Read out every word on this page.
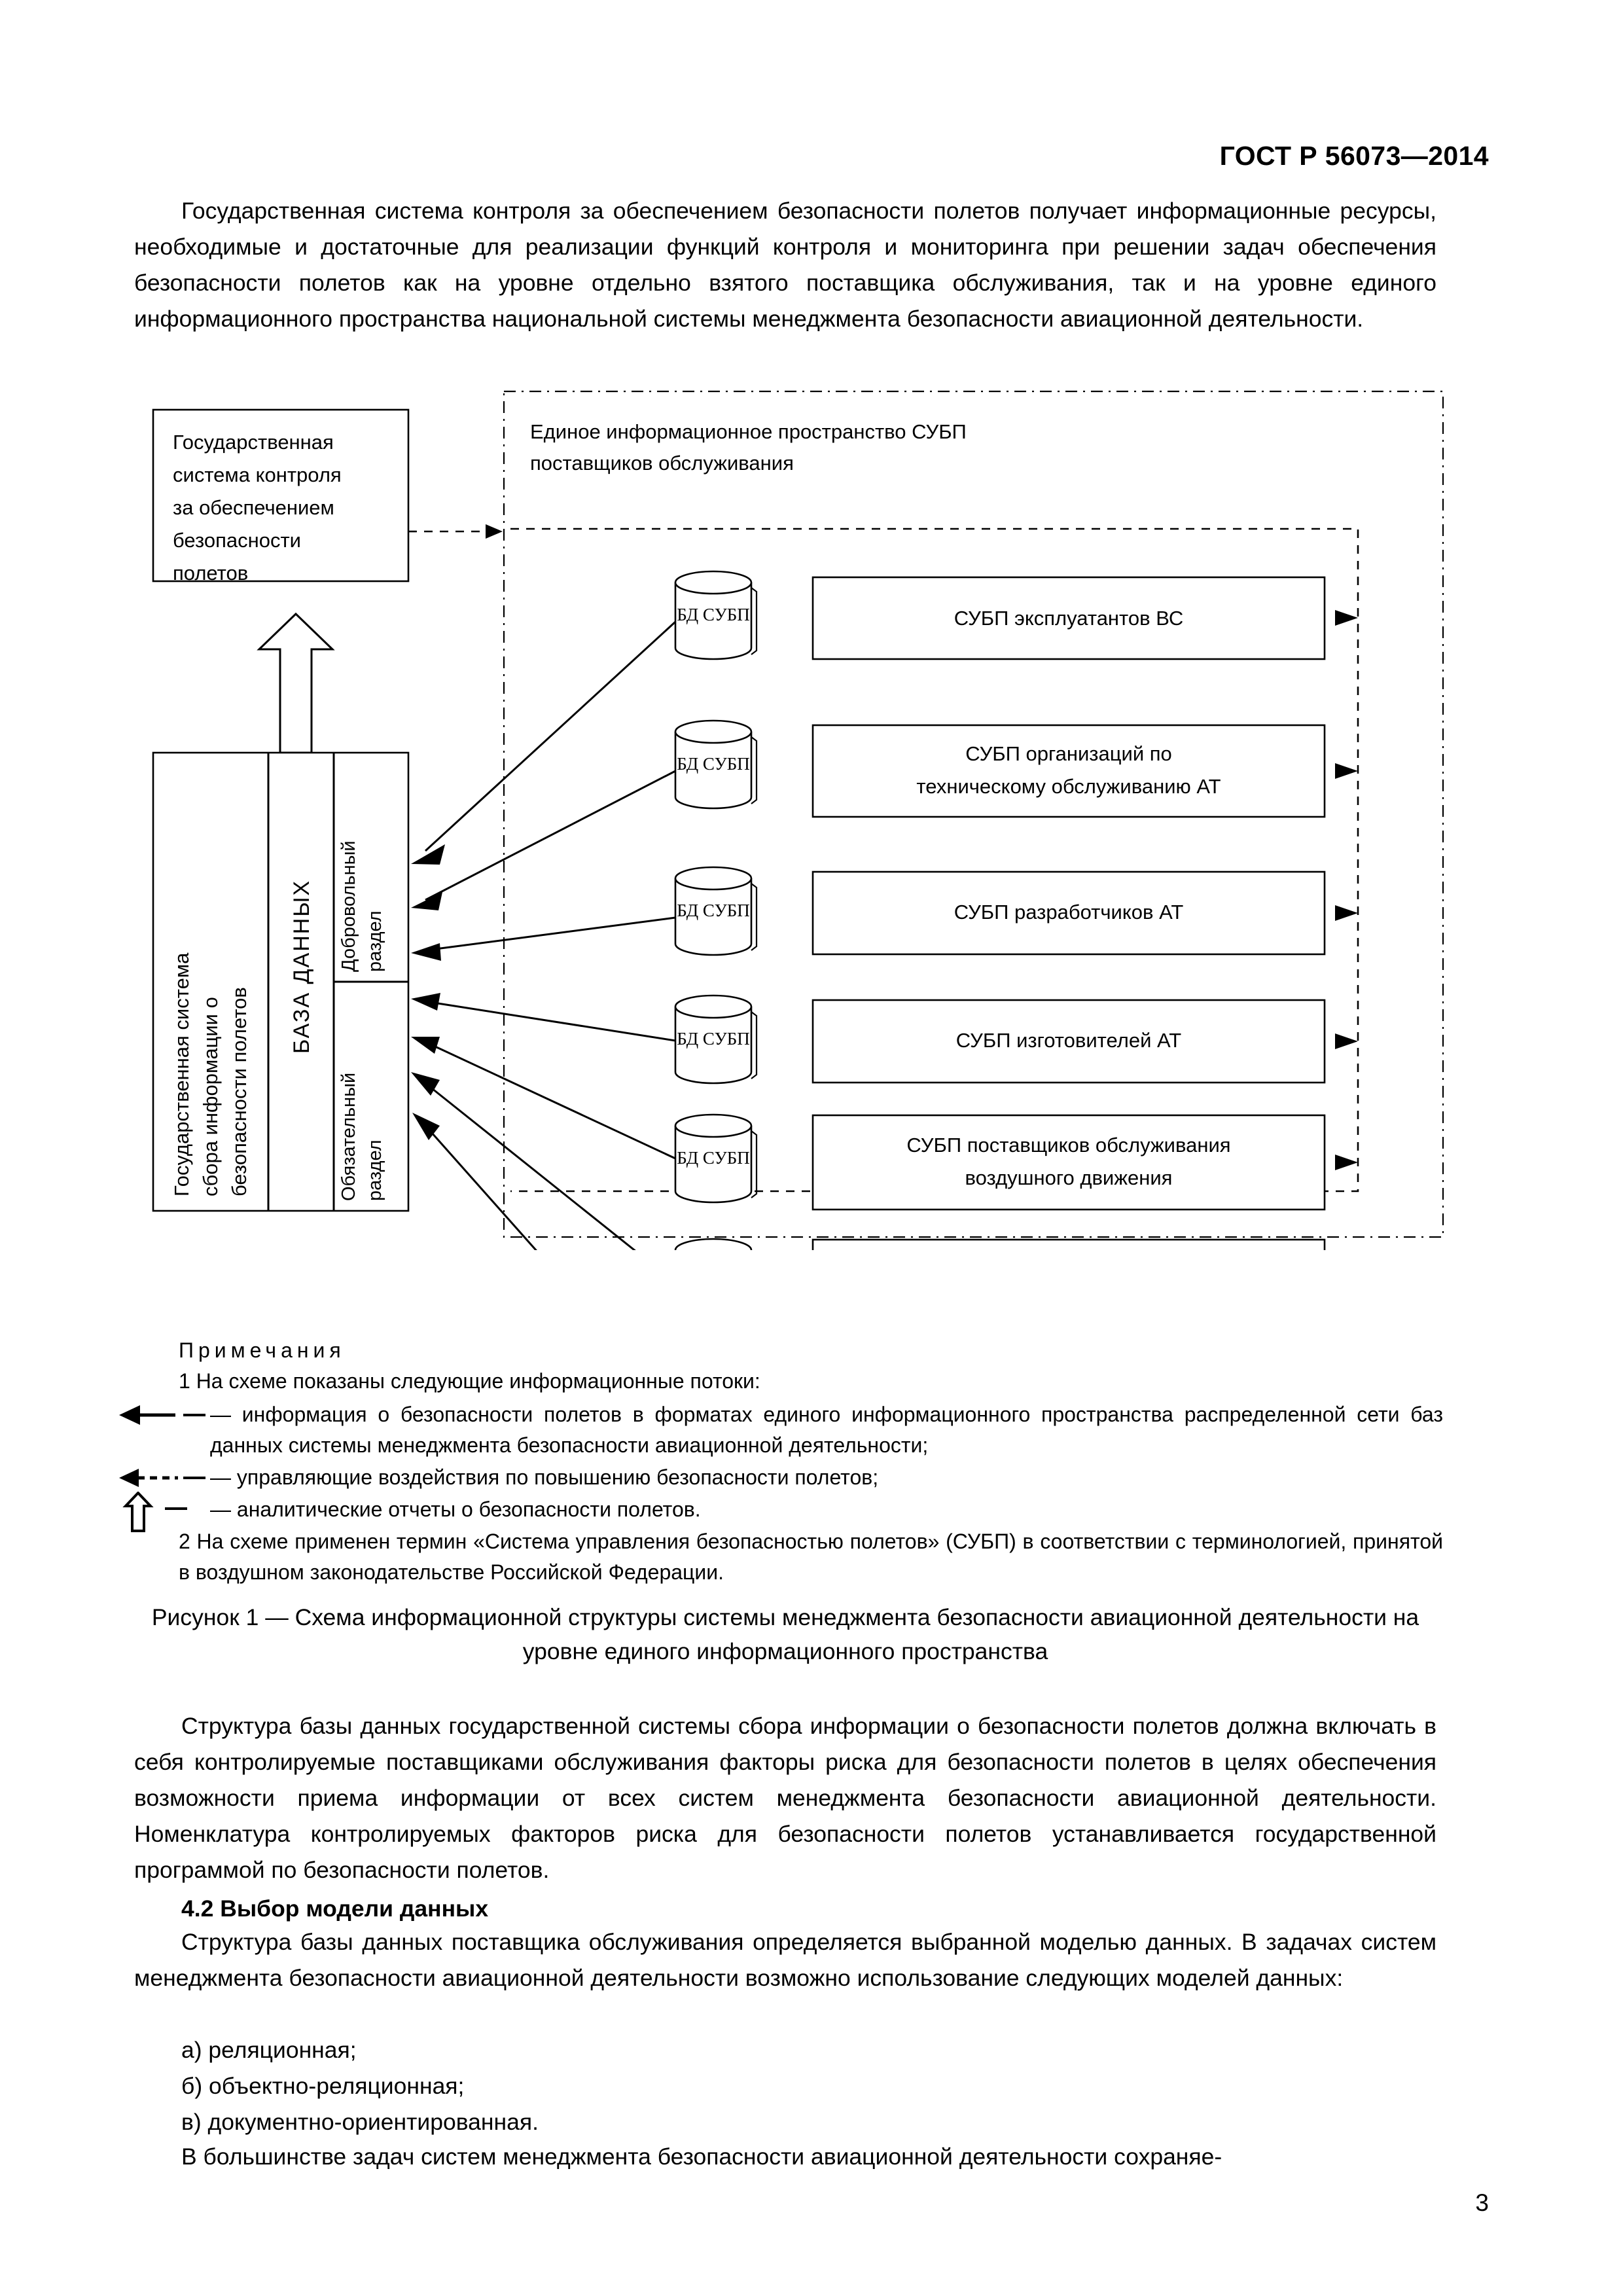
ГОСТ Р 56073—2014

Государственная система контроля за обеспечением безопасности полетов получает информационные ресурсы, необходимые и достаточные для реализации функций контроля и мониторинга при решении задач обеспечения безопасности полетов как на уровне отдельно взятого поставщика обслуживания, так и на уровне единого информационного пространства национальной системы менеджмента безопасности авиационной деятельности.

Единое информационное пространство СУБП
поставщиков обслуживания
Государственная
система контроля
за обеспечением
безопасности
полетов
Государственная система сбора информации о безопасности полетов
БАЗА ДАННЫХ Добровольный раздел
Обязательный раздел
БД СУБП	СУБП эксплуатантов ВС
БД СУБП	СУБП организаций по
техническому обслуживанию АТ
БД СУБП	СУБП разработчиков АТ
БД СУБП	СУБП изготовителей АТ
БД СУБП
СУБП поставщиков обслуживания
воздушного движения
Примечания
1 На схеме показаны следующие информационные потоки:
— информация о безопасности полетов в форматах единого информационного пространства распределенной сети баз данных системы менеджмента безопасности авиационной деятельности;
— управляющие воздействия по повышению безопасности полетов;
— аналитические отчеты о безопасности полетов.
2 На схеме применен термин «Система управления безопасностью полетов» (СУБП) в соответствии с терминологией, принятой в воздушном законодательстве Российской Федерации.
Рисунок 1 — Схема информационной структуры системы менеджмента безопасности авиационной деятельности на уровне единого информационного пространства

Структура базы данных государственной системы сбора информации о безопасности полетов должна включать в себя контролируемые поставщиками обслуживания факторы риска для безопасности полетов в целях обеспечения возможности приема информации от всех систем менеджмента безопасности авиационной деятельности. Номенклатура контролируемых факторов риска для безопасности полетов устанавливается государственной программой по безопасности полетов.

4.2 Выбор модели данных

Структура базы данных поставщика обслуживания определяется выбранной моделью данных. В задачах систем менеджмента безопасности авиационной деятельности возможно использование следующих моделей данных:

а) реляционная;

б) объектно-реляционная;

в) документно-ориентированная.

В большинстве задач систем менеджмента безопасности авиационной деятельности сохраняе-

3
